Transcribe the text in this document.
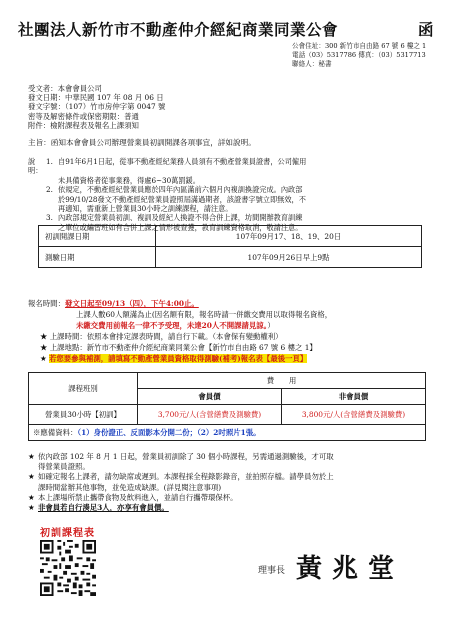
社團法人新竹市不動產仲介經紀商業同業公會	函
公會住址：300 新竹市自由路 67 號 6 樓之 1
電話（03）5317786 傳真：（03）5317713
聯絡人：秘書
受文者：本會會員公司
發文日期：中華民國 107 年 08 月 06 日
發文字號：（107）竹市房仲字第 0047 號
密等及解密條件或保密期限：普通
附件：檢附課程表及報名上課須知
主旨：函知本會會員公司辦理營業員初訓開課各項事宜，詳如說明。
說明：
1. 自91年6月1日起，從事不動產經紀業務人員須有不動產營業員證書，公司僱用
未具備資格者從事業務，得處6~30萬罰鍰。
2. 依規定，不動產經紀營業員應於四年內區滿前六個月內複訓換證完成。內政部
於99/10/28發文不動產經紀營業員證照屆滿過期者，該證書字號立即無效，不
再適知，需重新上營業員30小時之訓練課程，請注意。
3. 內政部規定營業員初訓、複訓及經紀人換證不得合併上課，坊間開辦教育訓練
之單位或編習班如有合併上課之情形被查獲，教育訓練資格取消，敬請注意。
初訓開課日期	107年09月17、18、19、20日
測驗日期	107年09月26日早上9點
報名時間：發文日起至09/13（四），下午4:00止。
上課人數60人額滿為止(因名額有限，報名時請一併繳交費用以取得報名資格，
未繳交費用前報名一律不予受理，未達20人不開課請見諒。）
★ 上課時間：依照本會排定課表時間，請自行下載。（本會保有變動權利）
★ 上課地點：新竹市不動產仲介經紀商業同業公會【新竹市自由路 67 號 6 樓之 1】
★ 若您要參與補測，請填寫不動產營業員資格取得測驗(補考)報名表【最後一頁】
課程班別	費　　用	
	會員價	非會員價
營業員30小時【初訓】	3,700元/人(含營繕費及測驗費)	3,800元/人(含營繕費及測驗費)
※應備資料：（1）身份證正、反面影本分開二份；（2）2吋照片1張。		
★ 依內政部 102 年 8 月 1 日起，營業員初訓除了 30 個小時課程，另需通過測驗後，才可取
得營業員證照。
★ 如確定報名上課者，請勿缺席或遲到。本課程採全程錄影錄音，並拍照存檔。請學員勿於上
課時間當辦其他事物，並免造成缺課。(詳見閱注意事項)
★ 本上課場所禁止攜帶食物及飲料進入，並請自行攜帶環保杯。
★ 非會員若自行湊足3人，亦享有會員價。
初訓課程表
理事長 黃兆堂
